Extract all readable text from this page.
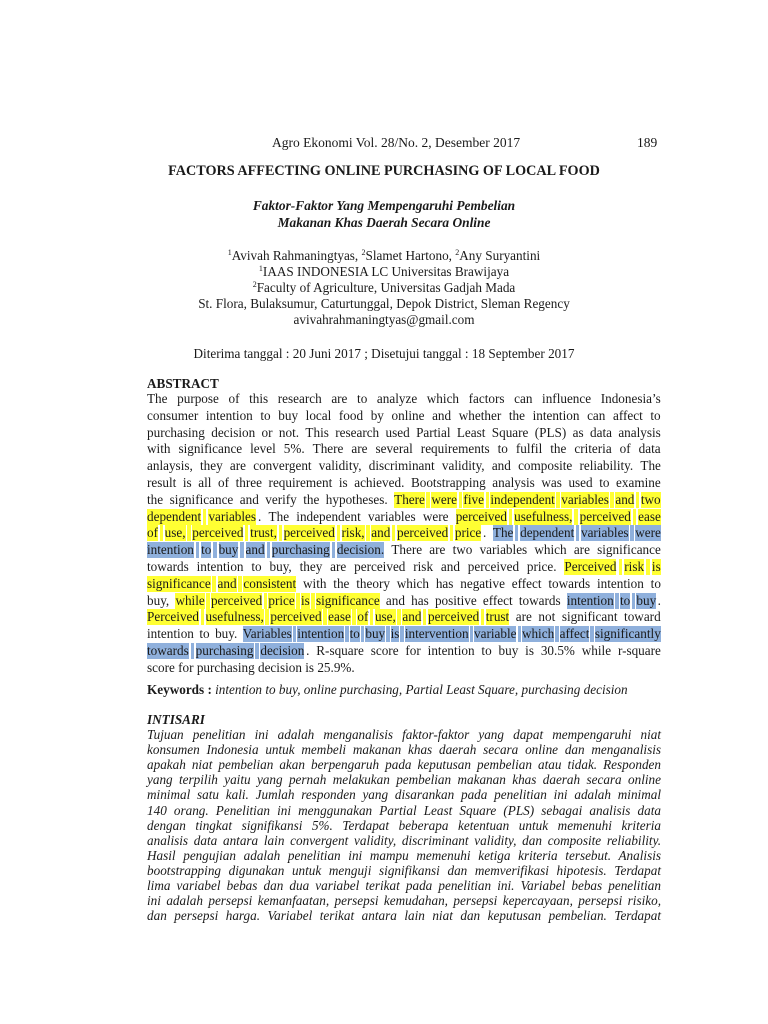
Agro Ekonomi Vol. 28/No. 2, Desember 2017	189
FACTORS AFFECTING ONLINE PURCHASING OF LOCAL FOOD
Faktor-Faktor Yang Mempengaruhi Pembelian
Makanan Khas Daerah Secara Online
$^1$Avivah Rahmaningtyas, $^2$Slamet Hartono, $^2$Any Suryantini
$^1$IAAS INDONESIA LC Universitas Brawijaya
$^2$Faculty of Agriculture, Universitas Gadjah Mada
St. Flora, Bulaksumur, Caturtunggal, Depok District, Sleman Regency
avivahrahmaningtyas@gmail.com
Diterima tanggal : 20 Juni 2017 ; Disetujui tanggal : 18 September 2017
ABSTRACT
The
purpose
of
this
research
are
to
analyze
which
factors
can
influence
Indonesia’s
consumer
intention
to
buy
local
food
by
online
and
whether
the
intention
can
affect
to
purchasing
decision
or
not.
This
research
used
Partial
Least
Square
(PLS)
as
data
analysis
with
significance
level
5%.
There
are
several
requirements
to
fulfil
the
criteria
of
data
anlaysis,
they
are
convergent
validity,
discriminant
validity,
and
composite
reliability.
The
result
is
all
of
three
requirement
is
achieved.
Bootstrapping
analysis
was
used
to
examine
the
significance
and
verify
the
hypotheses.
There
were
five
independent
variables
and
two
dependent
variables .
The
independent
variables
were
perceived
usefulness,
perceived
ease
of
use,
perceived
trust,
perceived
risk,
and
perceived
price .
The
dependent
variables
were
intention
to
buy
and
purchasing
decision.
There
are
two
variables
which
are
significance
towards
intention
to
buy,
they
are
perceived
risk
and
perceived
price.
Perceived
risk
is
significance
and
consistent
with
the
theory
which
has
negative
effect
towards
intention
to
buy,
while
perceived
price
is
significance
and
has
positive
effect
towards
intention
to
buy .
Perceived
usefulness,
perceived
ease
of
use,
and
perceived
trust
are
not
significant
toward
intention
to
buy.
Variables
intention
to
buy
is
intervention
variable
which
affect
significantly
towards
purchasing
decision .
R-square
score
for
intention
to
buy
is
30.5%
while
r-square
score for purchasing decision is 25.9%.
Keywords : intention to buy, online purchasing, Partial Least Square, purchasing decision
INTISARI
Tujuan penelitian ini adalah menganalisis faktor-faktor yang dapat mempengaruhi niat
konsumen Indonesia untuk membeli makanan khas daerah secara online dan menganalisis
apakah niat pembelian akan berpengaruh pada keputusan pembelian atau tidak. Responden
yang terpilih yaitu yang pernah melakukan pembelian makanan khas daerah secara online
minimal satu kali. Jumlah responden yang disarankan pada penelitian ini adalah minimal
140 orang. Penelitian ini menggunakan Partial Least Square (PLS) sebagai analisis data
dengan tingkat signifikansi 5%. Terdapat beberapa ketentuan untuk memenuhi kriteria
analisis data antara lain convergent validity, discriminant validity, dan composite reliability.
Hasil pengujian adalah penelitian ini mampu memenuhi ketiga kriteria tersebut. Analisis
bootstrapping digunakan untuk menguji signifikansi dan memverifikasi hipotesis. Terdapat
lima variabel bebas dan dua variabel terikat pada penelitian ini. Variabel bebas penelitian
ini adalah persepsi kemanfaatan, persepsi kemudahan, persepsi kepercayaan, persepsi risiko,
dan persepsi harga. Variabel terikat antara lain niat dan keputusan pembelian. Terdapat
